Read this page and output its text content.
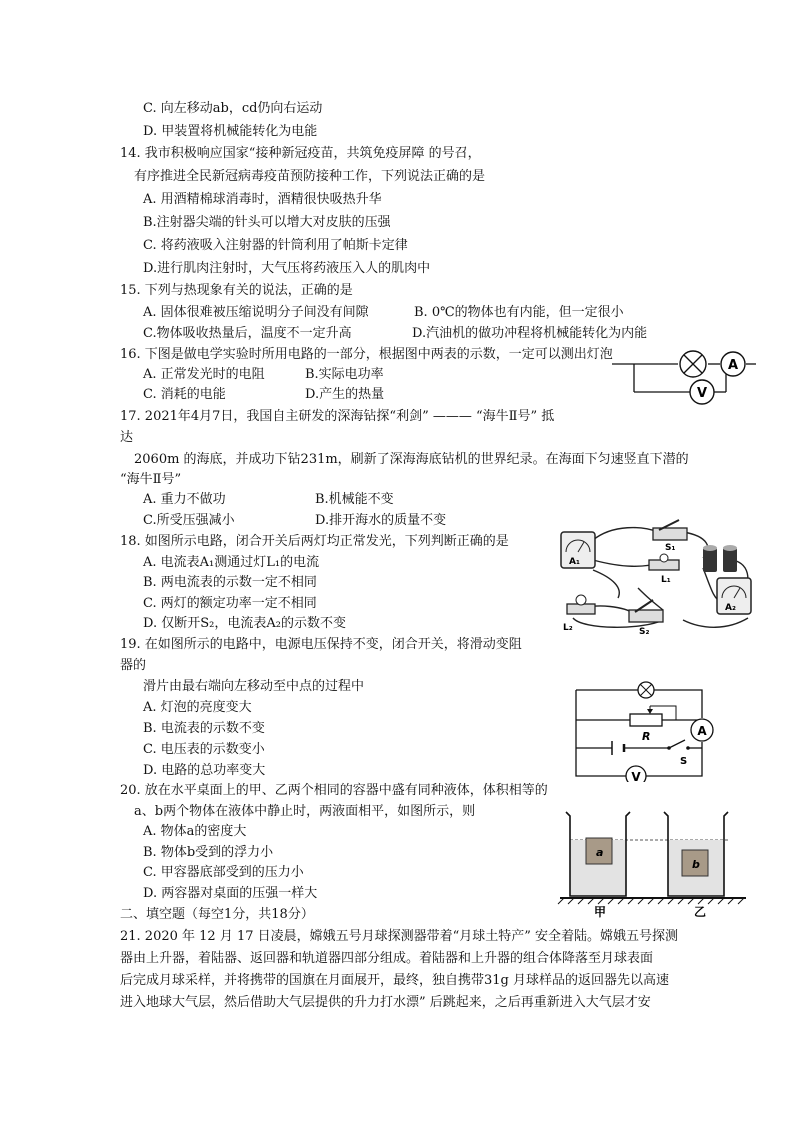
C. 向左移动ab，cd仍向右运动
D. 甲装置将机械能转化为电能
14. 我市积极响应国家“接种新冠疫苗，共筑免疫屏障 的号召，
有序推进全民新冠病毒疫苗预防接种工作，下列说法正确的是
A. 用酒精棉球消毒时，酒精很快吸热升华
B.注射器尖端的针头可以增大对皮肤的压强
C. 将药液吸入注射器的针筒利用了帕斯卡定律
D.进行肌肉注射时，大气压将药液压入人的肌肉中
15. 下列与热现象有关的说法，正确的是
A. 固体很难被压缩说明分子间没有间隙	B. 0℃的物体也有内能，但一定很小
C.物体吸收热量后，温度不一定升高	D.汽油机的做功冲程将机械能转化为内能
16. 下图是做电学实验时所用电路的一部分，根据图中两表的示数，一定可以测出灯泡
A. 正常发光时的电阻	B.实际电功率
C. 消耗的电能	D.产生的热量
A
V
17. 2021年4月7日，我国自主研发的深海钻探“利剑” ——— “海牛Ⅱ号” 抵
达
2060m 的海底，并成功下钻231m，刷新了深海海底钻机的世界纪录。在海面下匀速竖直下潜的
“海牛Ⅱ号”
A. 重力不做功	B.机械能不变
C.所受压强减小	D.排开海水的质量不变
18. 如图所示电路，闭合开关后两灯均正常发光，下列判断正确的是
A. 电流表A₁测通过灯L₁的电流
B. 两电流表的示数一定不相同
C. 两灯的额定功率一定不相同
D. 仅断开S₂，电流表A₂的示数不变
A₁
S₁
L₁
A₂
L₂	S₂
19. 在如图所示的电路中，电源电压保持不变，闭合开关，将滑动变阻
器的
滑片由最右端向左移动至中点的过程中
A. 灯泡的亮度变大
B. 电流表的示数不变
C. 电压表的示数变小
D. 电路的总功率变大
R
S
A
V
20. 放在水平桌面上的甲、乙两个相同的容器中盛有同种液体，体积相等的
a、b两个物体在液体中静止时，两液面相平，如图所示，则
A. 物体a的密度大
B. 物体b受到的浮力小
C. 甲容器底部受到的压力小
D. 两容器对桌面的压强一样大
a
b
甲	乙
二、填空题（每空1分，共18分）
21. 2020 年 12 月 17 日凌晨，嫦娥五号月球探测器带着“月球土特产” 安全着陆。嫦娥五号探测
器由上升器，着陆器、返回器和轨道器四部分组成。着陆器和上升器的组合体降落至月球表面
后完成月球采样，并将携带的国旗在月面展开，最终，独自携带31g 月球样品的返回器先以高速
进入地球大气层，然后借助大气层提供的升力打水漂” 后跳起来，之后再重新进入大气层才安
